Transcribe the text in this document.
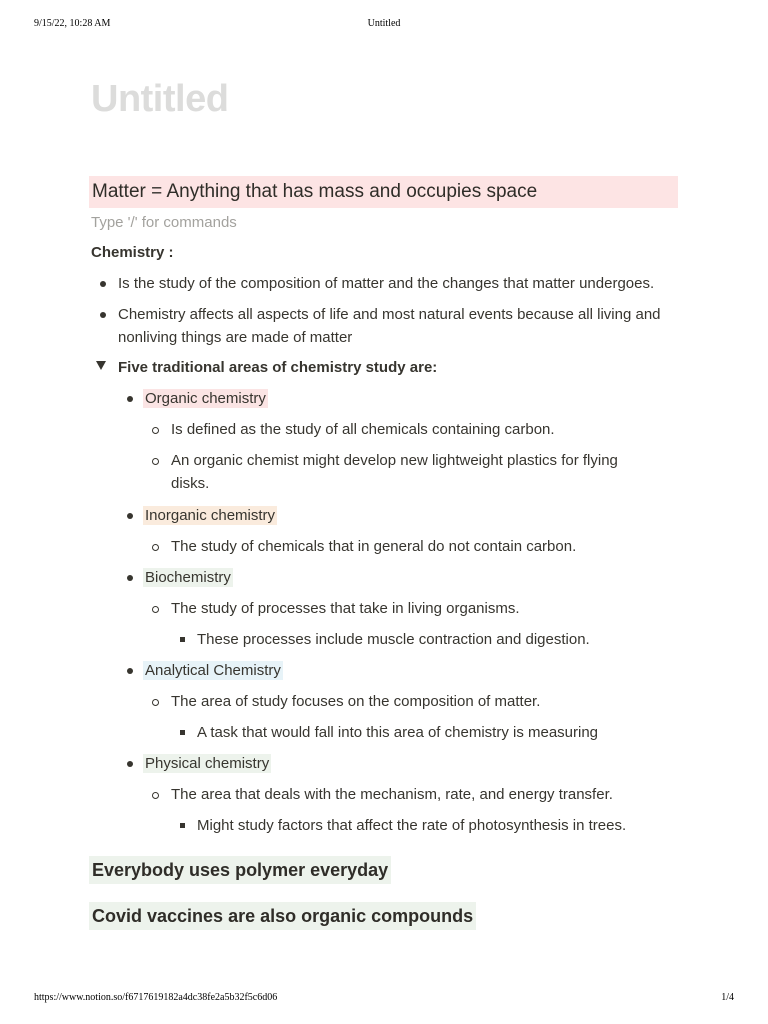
9/15/22, 10:28 AM	Untitled
Untitled
Matter = Anything that has mass and occupies space
Type '/' for commands
Chemistry :
Is the study of the composition of matter and the changes that matter undergoes.
Chemistry affects all aspects of life and most natural events because all living and
nonliving things are made of matter
Five traditional areas of chemistry study are:
Organic chemistry
Is defined as the study of all chemicals containing carbon.
An organic chemist might develop new lightweight plastics for flying
disks.
Inorganic chemistry
The study of chemicals that in general do not contain carbon.
Biochemistry
The study of processes that take in living organisms.
These processes include muscle contraction and digestion.
Analytical Chemistry
The area of study focuses on the composition of matter.
A task that would fall into this area of chemistry is measuring
Physical chemistry
The area that deals with the mechanism, rate, and energy transfer.
Might study factors that affect the rate of photosynthesis in trees.
Everybody uses polymer everyday
Covid vaccines are also organic compounds
https://www.notion.so/f6717619182a4dc38fe2a5b32f5c6d06	1/4
